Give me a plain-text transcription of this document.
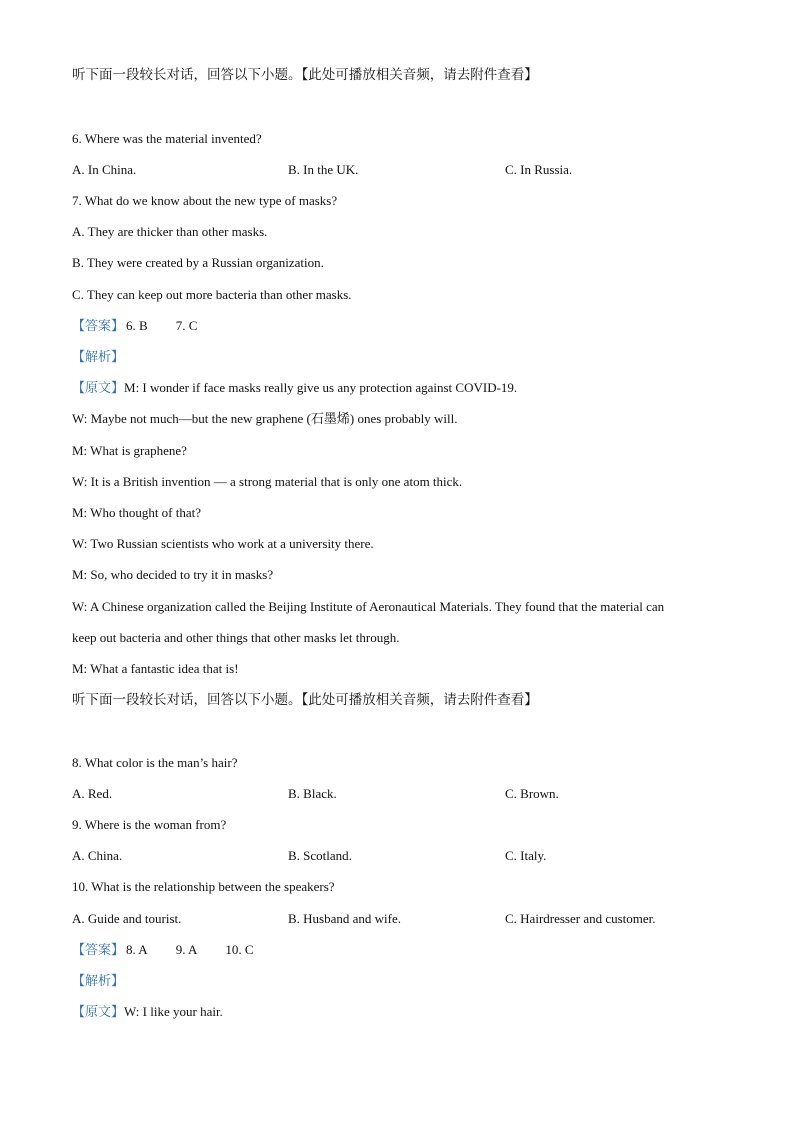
听下面一段较长对话，回答以下小题。【此处可播放相关音频，请去附件查看】
6. Where was the material invented?
A. In China.	B. In the UK.	C. In Russia.
7. What do we know about the new type of masks?
A. They are thicker than other masks.
B. They were created by a Russian organization.
C. They can keep out more bacteria than other masks.
【答案】 6. B 7. C
【解析】
【原文】M: I wonder if face masks really give us any protection against COVID-19.
W: Maybe not much—but the new graphene (石墨烯) ones probably will.
M: What is graphene?
W: It is a British invention — a strong material that is only one atom thick.
M: Who thought of that?
W: Two Russian scientists who work at a university there.
M: So, who decided to try it in masks?
W: A Chinese organization called the Beijing Institute of Aeronautical Materials. They found that the material can
keep out bacteria and other things that other masks let through.
M: What a fantastic idea that is!
听下面一段较长对话，回答以下小题。【此处可播放相关音频，请去附件查看】
8. What color is the man’s hair?
A. Red.	B. Black.	C. Brown.
9. Where is the woman from?
A. China.	B. Scotland.	C. Italy.
10. What is the relationship between the speakers?
A. Guide and tourist.	B. Husband and wife.	C. Hairdresser and customer.
【答案】 8. A 9. A 10. C
【解析】
【原文】W: I like your hair.
